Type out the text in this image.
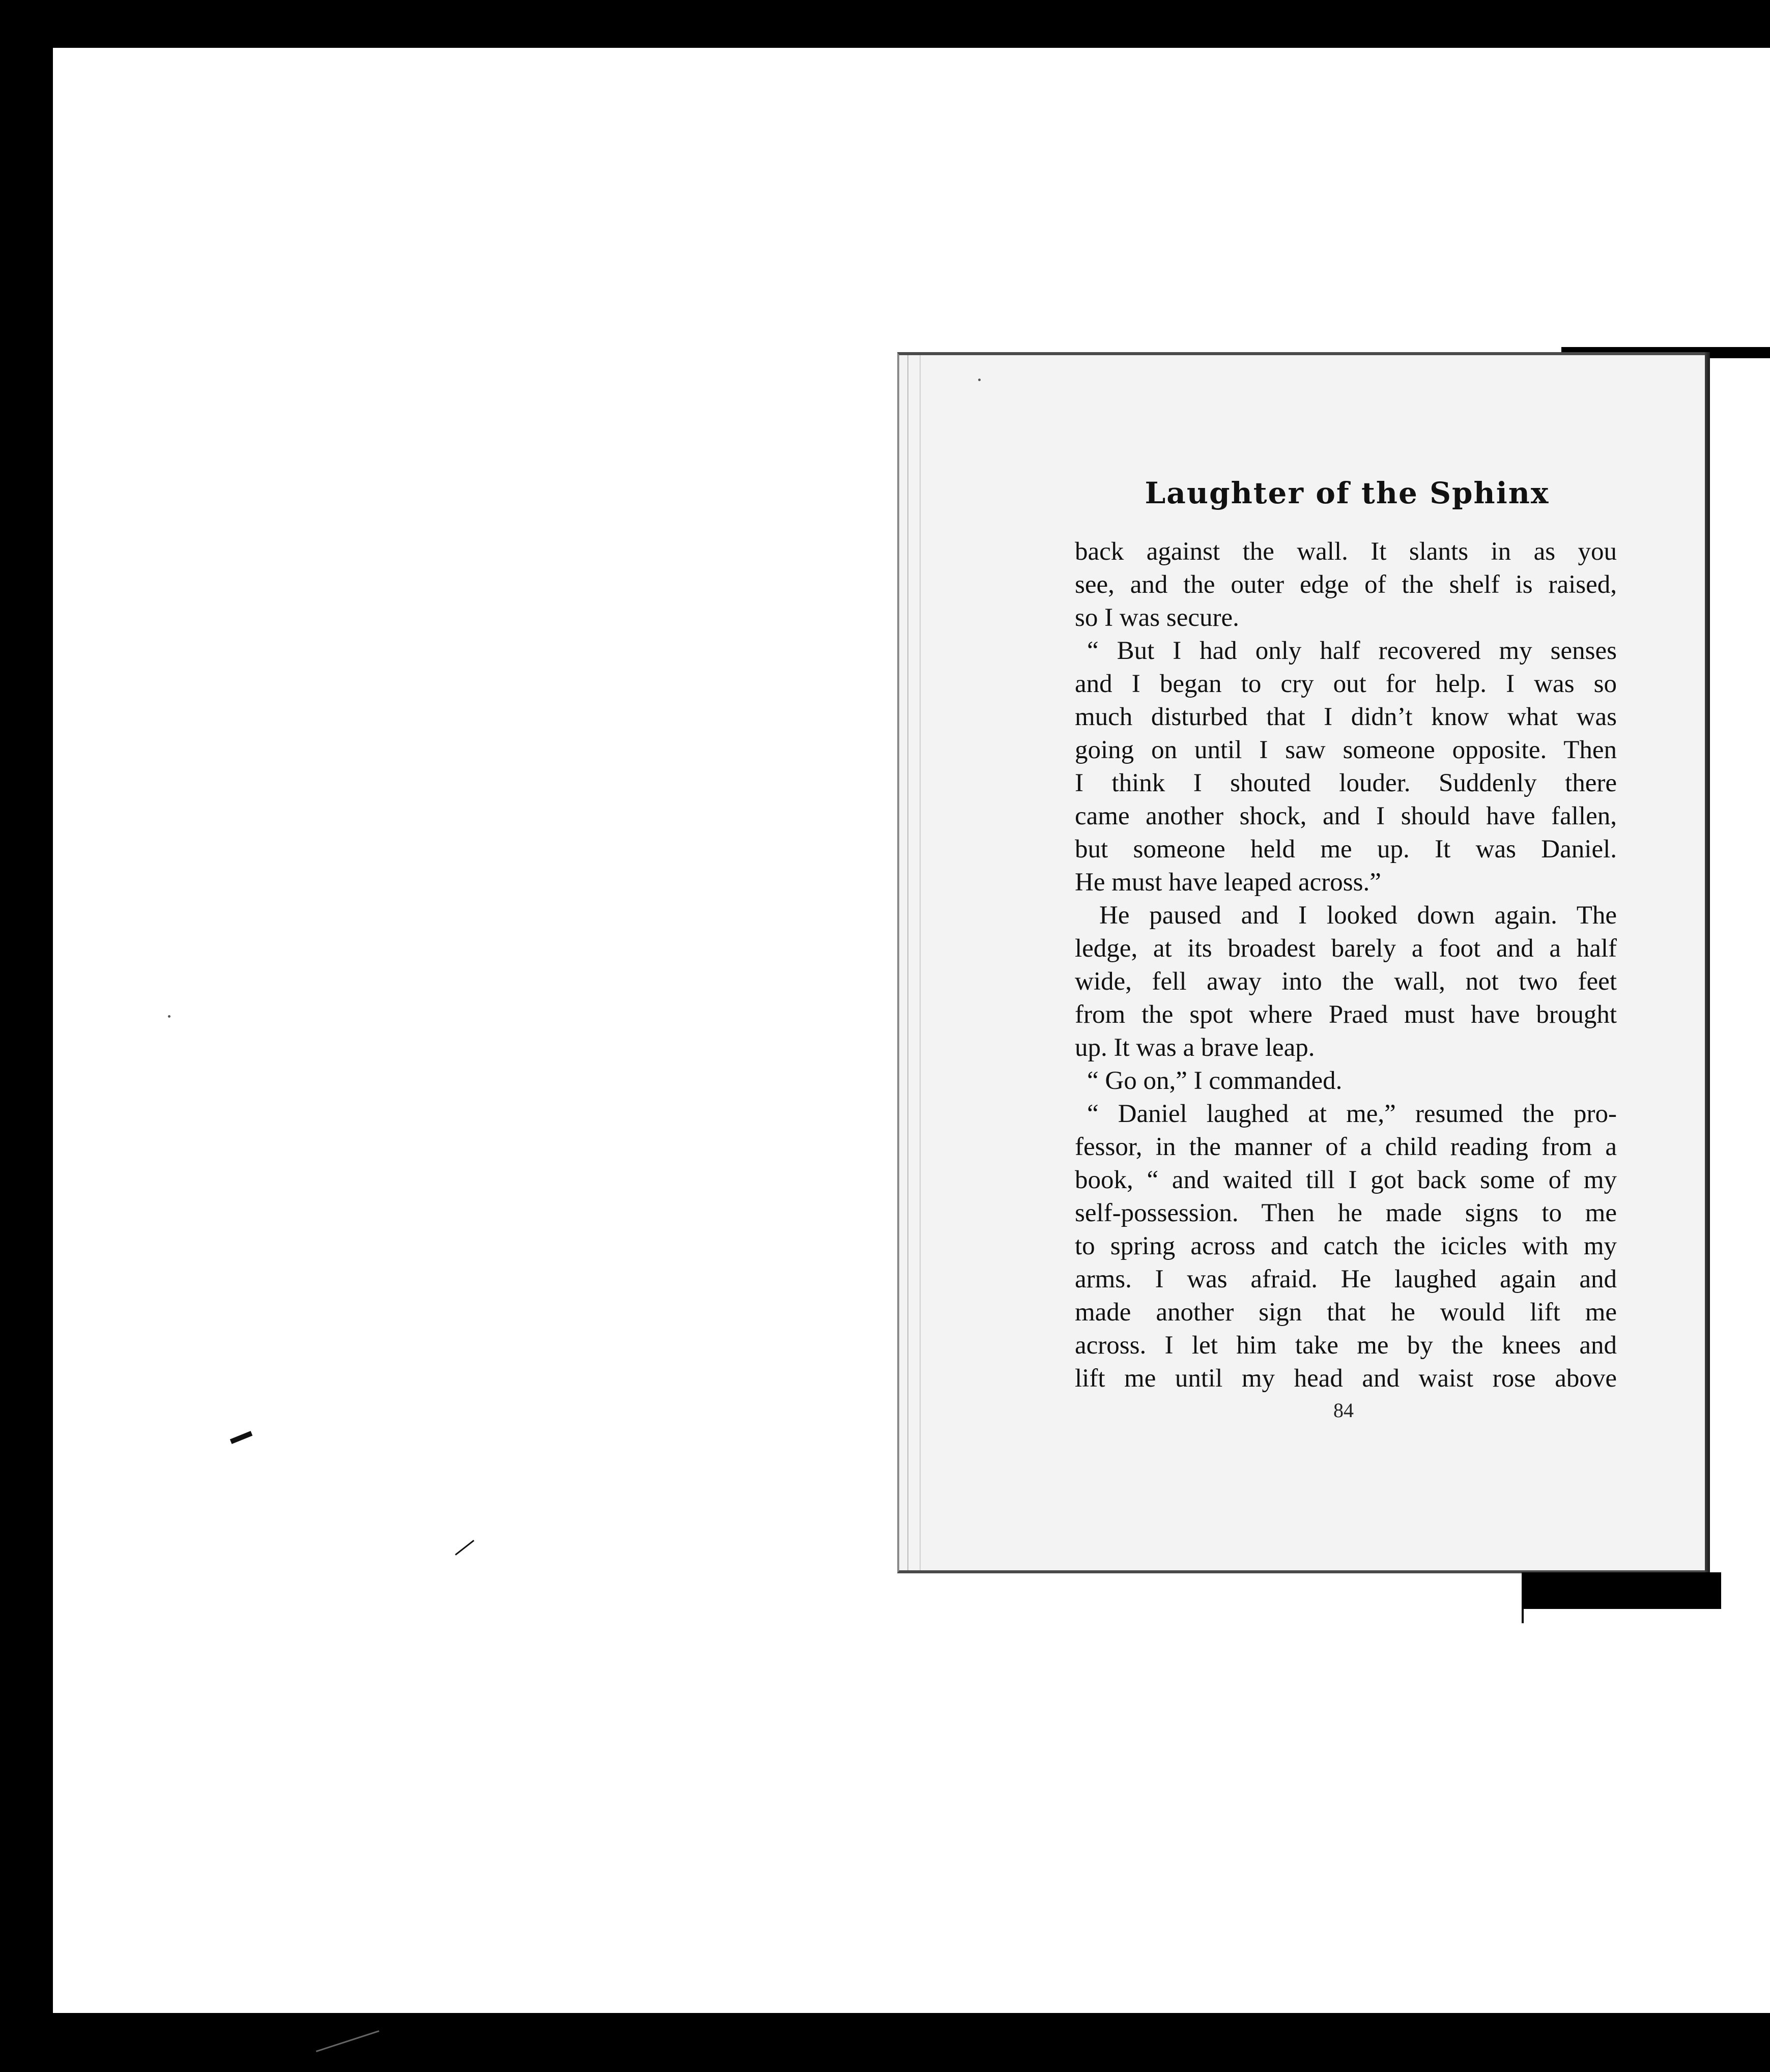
Laughter of the Sphinx
back against the wall. It slants in as you
see, and the outer edge of the shelf is raised,
so I was secure.
“ But I had only half recovered my senses
and I began to cry out for help. I was so
much disturbed that I didn’t know what was
going on until I saw someone opposite. Then
I think I shouted louder. Suddenly there
came another shock, and I should have fallen,
but someone held me up. It was Daniel.
He must have leaped across.”
He paused and I looked down again. The
ledge, at its broadest barely a foot and a half
wide, fell away into the wall, not two feet
from the spot where Praed must have brought
up. It was a brave leap.
“ Go on,” I commanded.
“ Daniel laughed at me,” resumed the pro-
fessor, in the manner of a child reading from a
book, “ and waited till I got back some of my
self-possession. Then he made signs to me
to spring across and catch the icicles with my
arms. I was afraid. He laughed again and
made another sign that he would lift me
across. I let him take me by the knees and
lift me until my head and waist rose above
84
